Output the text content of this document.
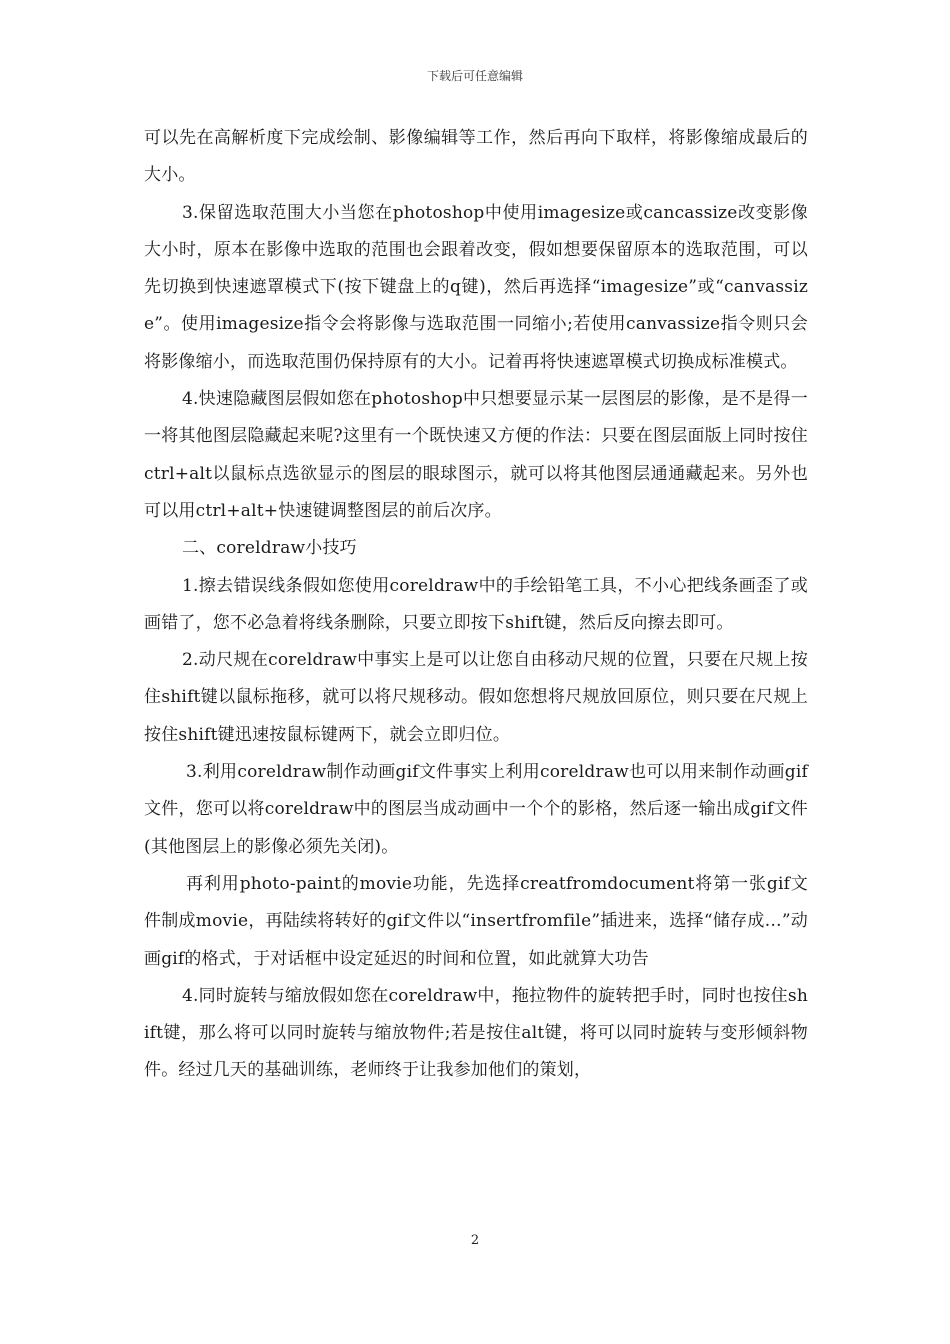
下载后可任意编辑

可以先在高解析度下完成绘制、影像编辑等工作，然后再向下取样，将影像缩成最后的大小。

3.保留选取范围大小当您在photoshop中使用imagesize或cancassize改变影像大小时，原本在影像中选取的范围也会跟着改变，假如想要保留原本的选取范围，可以先切换到快速遮罩模式下(按下键盘上的q键)，然后再选择“imagesize”或“canvassize”。使用imagesize指令会将影像与选取范围一同缩小;若使用canvassize指令则只会将影像缩小，而选取范围仍保持原有的大小。记着再将快速遮罩模式切换成标准模式。

4.快速隐藏图层假如您在photoshop中只想要显示某一层图层的影像，是不是得一一将其他图层隐藏起来呢?这里有一个既快速又方便的作法：只要在图层面版上同时按住ctrl+alt以鼠标点选欲显示的图层的眼球图示，就可以将其他图层通通藏起来。另外也可以用ctrl+alt+快速键调整图层的前后次序。

二、coreldraw小技巧

1.擦去错误线条假如您使用coreldraw中的手绘铅笔工具，不小心把线条画歪了或画错了，您不必急着将线条删除，只要立即按下shift键，然后反向擦去即可。

2.动尺规在coreldraw中事实上是可以让您自由移动尺规的位置，只要在尺规上按住shift键以鼠标拖移，就可以将尺规移动。假如您想将尺规放回原位，则只要在尺规上按住shift键迅速按鼠标键两下，就会立即归位。

3.利用coreldraw制作动画gif文件事实上利用coreldraw也可以用来制作动画gif文件，您可以将coreldraw中的图层当成动画中一个个的影格，然后逐一输出成gif文件(其他图层上的影像必须先关闭)。

再利用photo-paint的movie功能，先选择creatfromdocument将第一张gif文件制成movie，再陆续将转好的gif文件以“insertfromfile”插进来，选择“储存成…”动画gif的格式，于对话框中设定延迟的时间和位置，如此就算大功告

4.同时旋转与缩放假如您在coreldraw中，拖拉物件的旋转把手时，同时也按住shift键，那么将可以同时旋转与缩放物件;若是按住alt键，将可以同时旋转与变形倾斜物件。经过几天的基础训练，老师终于让我参加他们的策划，

2
